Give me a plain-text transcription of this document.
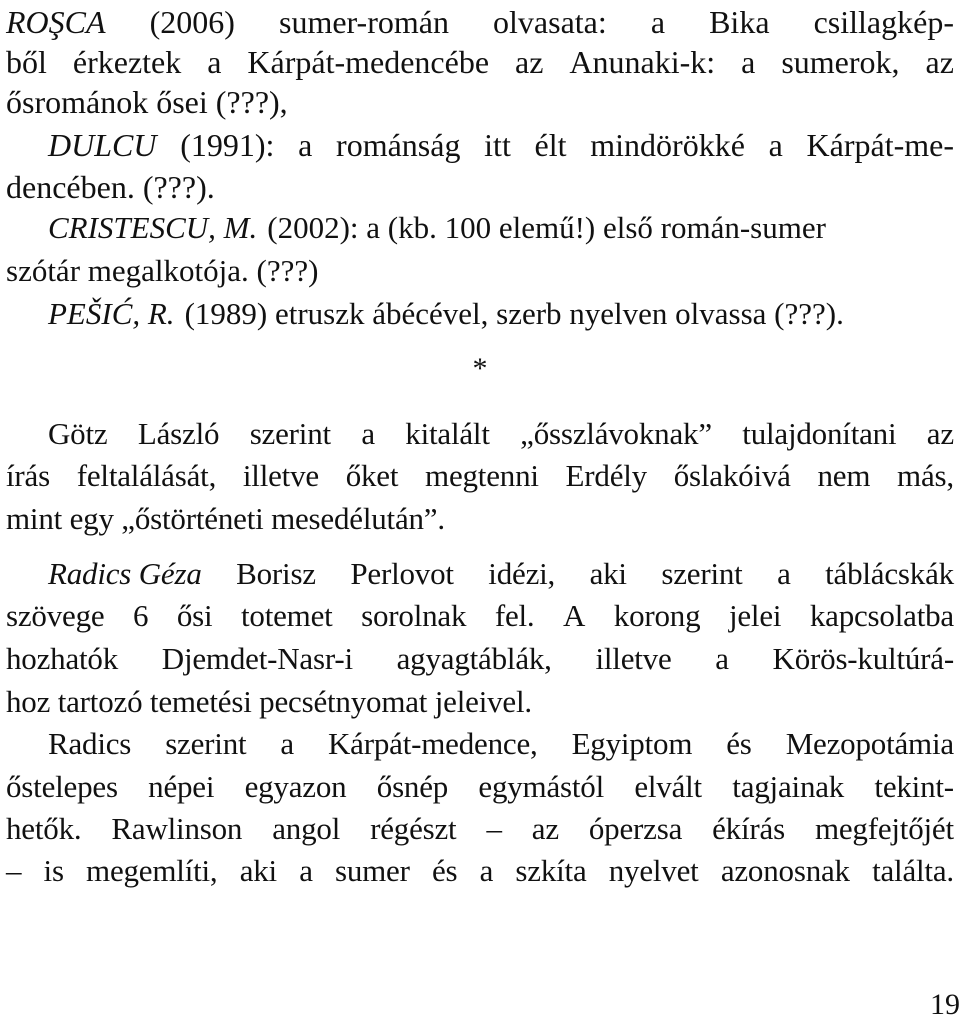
ROŞCA (2006) sumer-román olvasata: a Bika csillagkép-
ből érkeztek a Kárpát-medencébe az Anunaki-k: a sumerok, az
ősrománok ősei (???),
DULCU (1991): a románság itt élt mindörökké a Kárpát-me-
dencében. (???).
CRISTESCU, M. (2002): a (kb. 100 elemű!) első román-sumer
szótár megalkotója. (???)
PEŠIĆ, R. (1989) etruszk ábécével, szerb nyelven olvassa (???).
*
Götz László szerint a kitalált „ősszlávoknak” tulajdonítani az
írás feltalálását, illetve őket megtenni Erdély őslakóivá nem más,
mint egy „őstörténeti mesedélután”.
Radics Géza Borisz Perlovot idézi, aki szerint a táblácskák
szövege 6 ősi totemet sorolnak fel. A korong jelei kapcsolatba
hozhatók Djemdet-Nasr-i agyagtáblák, illetve a Körös-kultúrá-
hoz tartozó temetési pecsétnyomat jeleivel.
Radics szerint a Kárpát-medence, Egyiptom és Mezopotámia
őstelepes népei egyazon ősnép egymástól elvált tagjainak tekint-
hetők. Rawlinson angol régészt – az óperzsa ékírás megfejtőjét
– is megemlíti, aki a sumer és a szkíta nyelvet azonosnak találta.
19
